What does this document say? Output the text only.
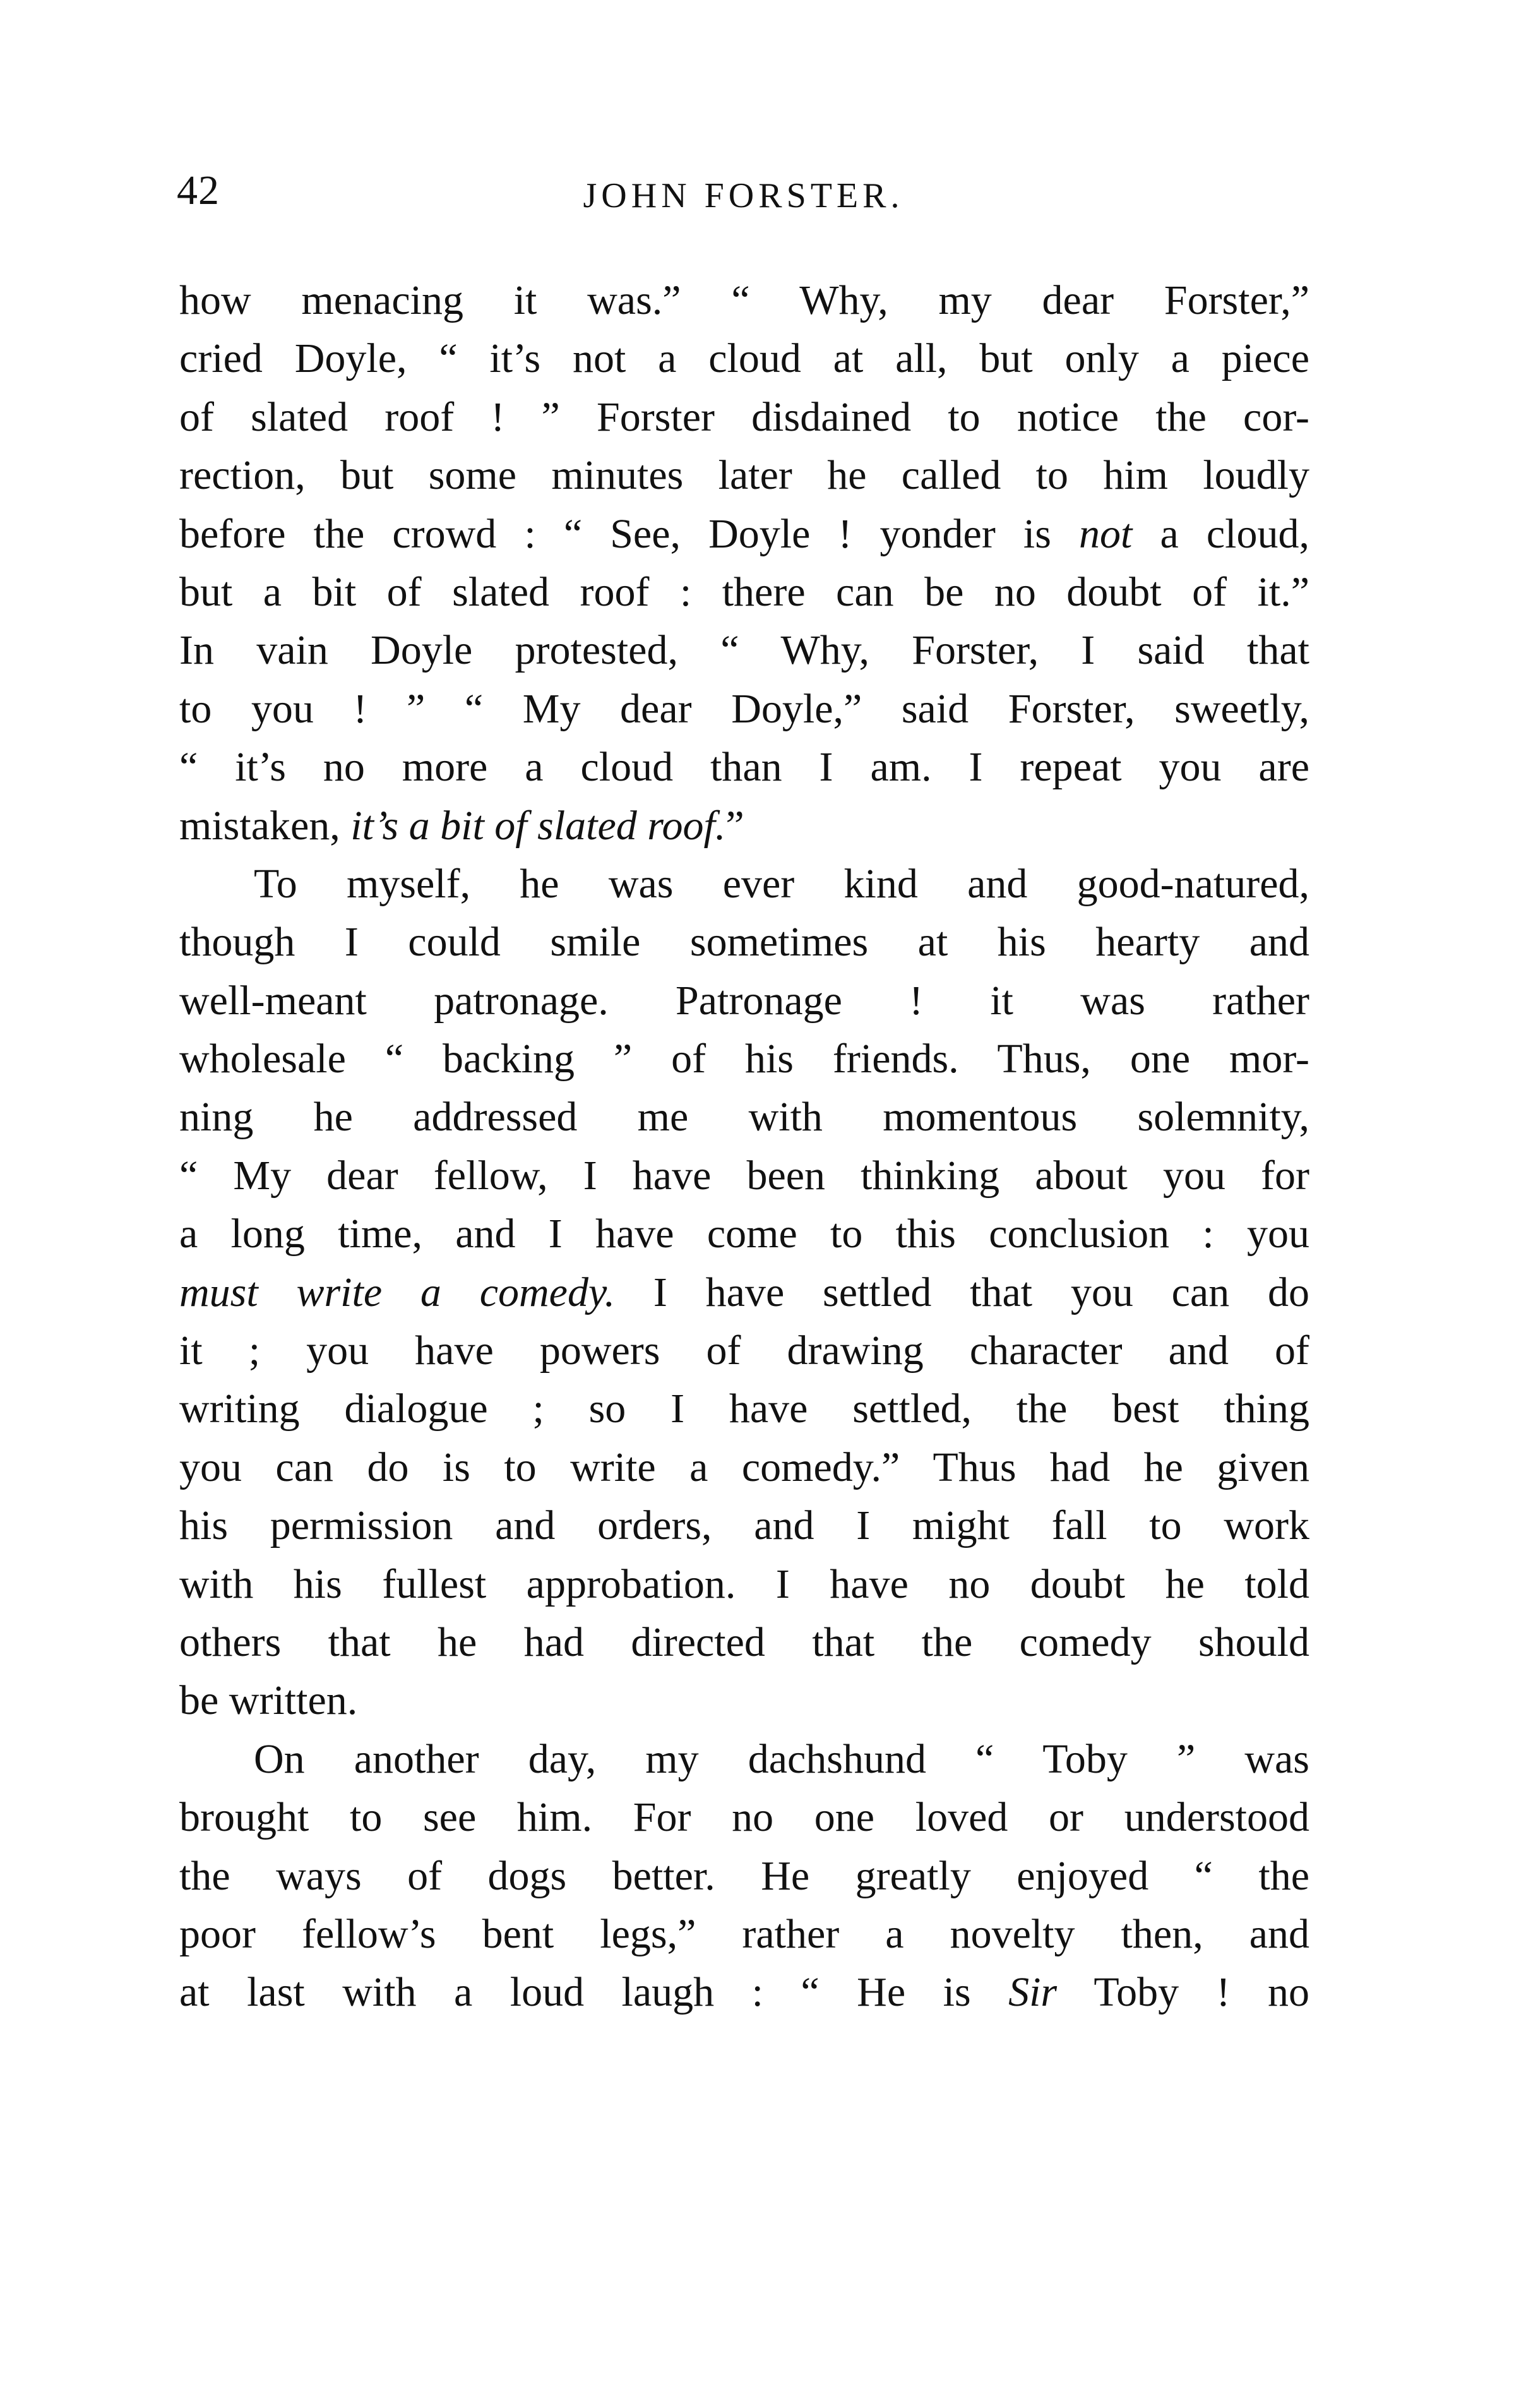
42	JOHN FORSTER.
how menacing it was.” “ Why, my dear Forster,”
cried Doyle, “ it’s not a cloud at all, but only a piece
of slated roof ! ” Forster disdained to notice the cor-
rection, but some minutes later he called to him loudly
before the crowd : “ See, Doyle ! yonder is not a cloud,
but a bit of slated roof : there can be no doubt of it.”
In vain Doyle protested, “ Why, Forster, I said that
to you ! ” “ My dear Doyle,” said Forster, sweetly,
“ it’s no more a cloud than I am. I repeat you are
mistaken, it’s a bit of slated roof.”
To myself, he was ever kind and good-natured,
though I could smile sometimes at his hearty and
well-meant patronage. Patronage ! it was rather
wholesale “ backing ” of his friends. Thus, one mor-
ning he addressed me with momentous solemnity,
“ My dear fellow, I have been thinking about you for
a long time, and I have come to this conclusion : you
must write a comedy. I have settled that you can do
it ; you have powers of drawing character and of
writing dialogue ; so I have settled, the best thing
you can do is to write a comedy.” Thus had he given
his permission and orders, and I might fall to work
with his fullest approbation. I have no doubt he told
others that he had directed that the comedy should
be written.
On another day, my dachshund “ Toby ” was
brought to see him. For no one loved or understood
the ways of dogs better. He greatly enjoyed “ the
poor fellow’s bent legs,” rather a novelty then, and
at last with a loud laugh : “ He is Sir Toby ! no
